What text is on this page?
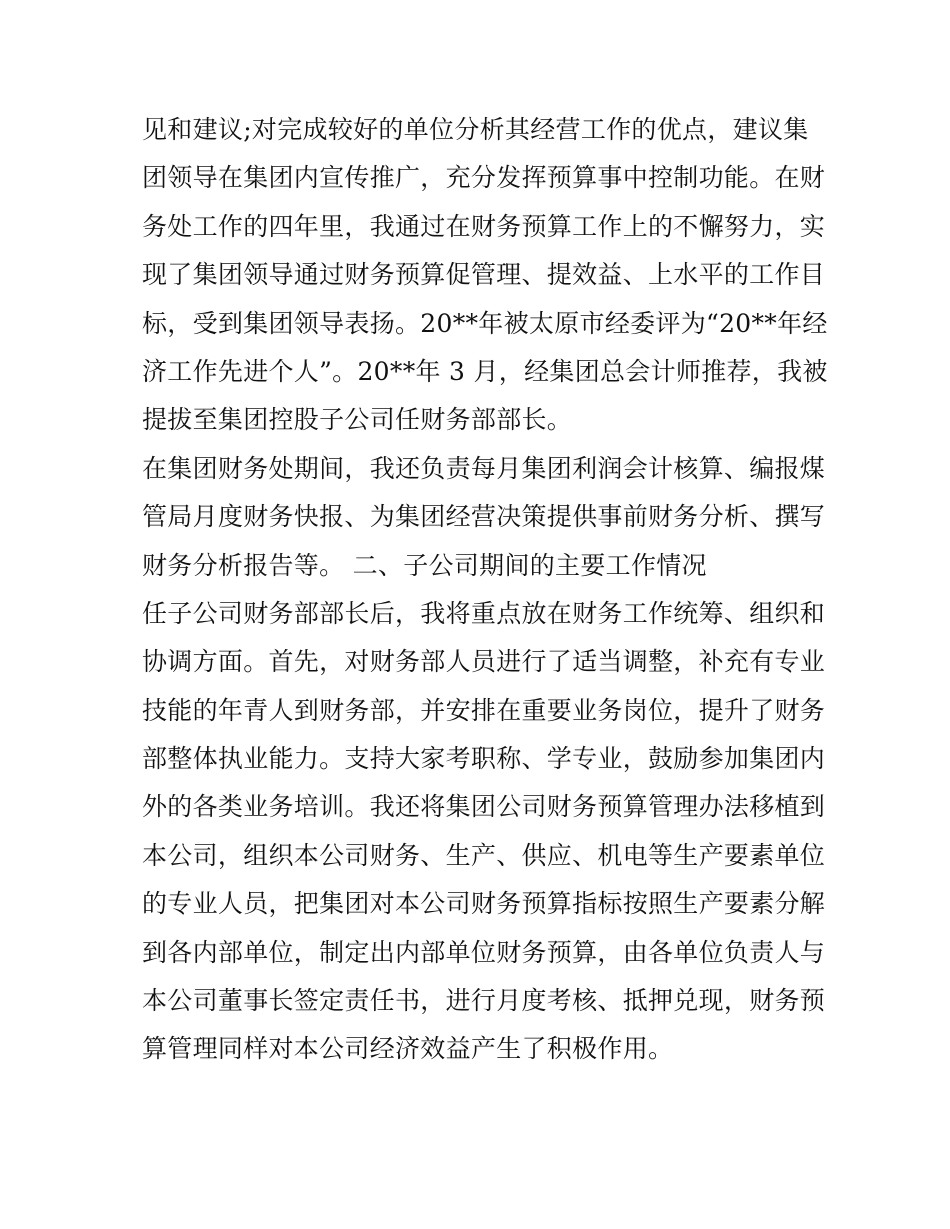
见和建议;对完成较好的单位分析其经营工作的优点，建议集
团领导在集团内宣传推广，充分发挥预算事中控制功能。在财
务处工作的四年里，我通过在财务预算工作上的不懈努力，实
现了集团领导通过财务预算促管理、提效益、上水平的工作目
标，受到集团领导表扬。20**年被太原市经委评为“20**年经
济工作先进个人”。20**年 3 月，经集团总会计师推荐，我被
提拔至集团控股子公司任财务部部长。
在集团财务处期间，我还负责每月集团利润会计核算、编报煤
管局月度财务快报、为集团经营决策提供事前财务分析、撰写
财务分析报告等。 二、子公司期间的主要工作情况
任子公司财务部部长后，我将重点放在财务工作统筹、组织和
协调方面。首先，对财务部人员进行了适当调整，补充有专业
技能的年青人到财务部，并安排在重要业务岗位，提升了财务
部整体执业能力。支持大家考职称、学专业，鼓励参加集团内
外的各类业务培训。我还将集团公司财务预算管理办法移植到
本公司，组织本公司财务、生产、供应、机电等生产要素单位
的专业人员，把集团对本公司财务预算指标按照生产要素分解
到各内部单位，制定出内部单位财务预算，由各单位负责人与
本公司董事长签定责任书，进行月度考核、抵押兑现，财务预
算管理同样对本公司经济效益产生了积极作用。
